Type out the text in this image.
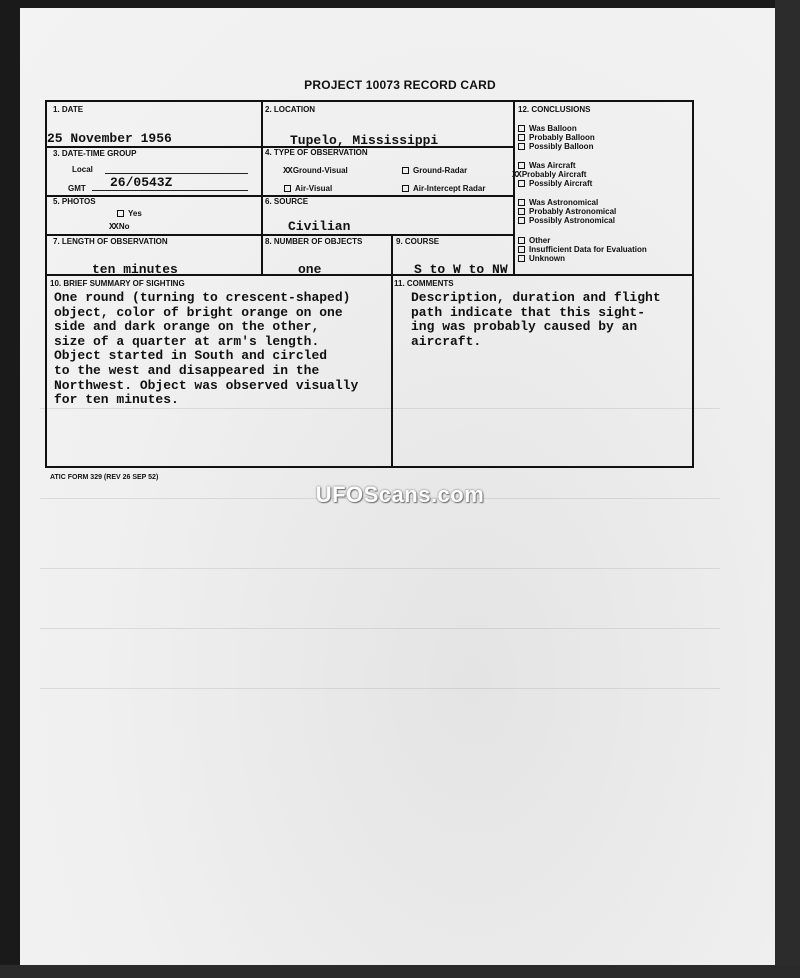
PROJECT 10073 RECORD CARD
1. DATE
25 November 1956
2. LOCATION
Tupelo, Mississippi
3. DATE-TIME GROUP
Local
GMT 26/0543Z
4. TYPE OF OBSERVATION
XXGround-Visual	Ground-Radar
Air-Visual	Air-Intercept Radar
5. PHOTOS
Yes
XXNo
6. SOURCE
Civilian
7. LENGTH OF OBSERVATION
ten minutes
8. NUMBER OF OBJECTS
one
9. COURSE
S to W to NW
12. CONCLUSIONS
Was Balloon
Probably Balloon
Possibly Balloon
Was Aircraft
XXProbably Aircraft
Possibly Aircraft
Was Astronomical
Probably Astronomical
Possibly Astronomical
Other
Insufficient Data for Evaluation
Unknown
10. BRIEF SUMMARY OF SIGHTING
One round (turning to crescent-shaped)
object, color of bright orange on one
side and dark orange on the other,
size of a quarter at arm's length.
Object started in South and circled
to the west and disappeared in the
Northwest. Object was observed visually
for ten minutes.
11. COMMENTS
Description, duration and flight
path indicate that this sight-
ing was probably caused by an
aircraft.
ATIC FORM 329 (REV 26 SEP 52)
UFOScans.com
